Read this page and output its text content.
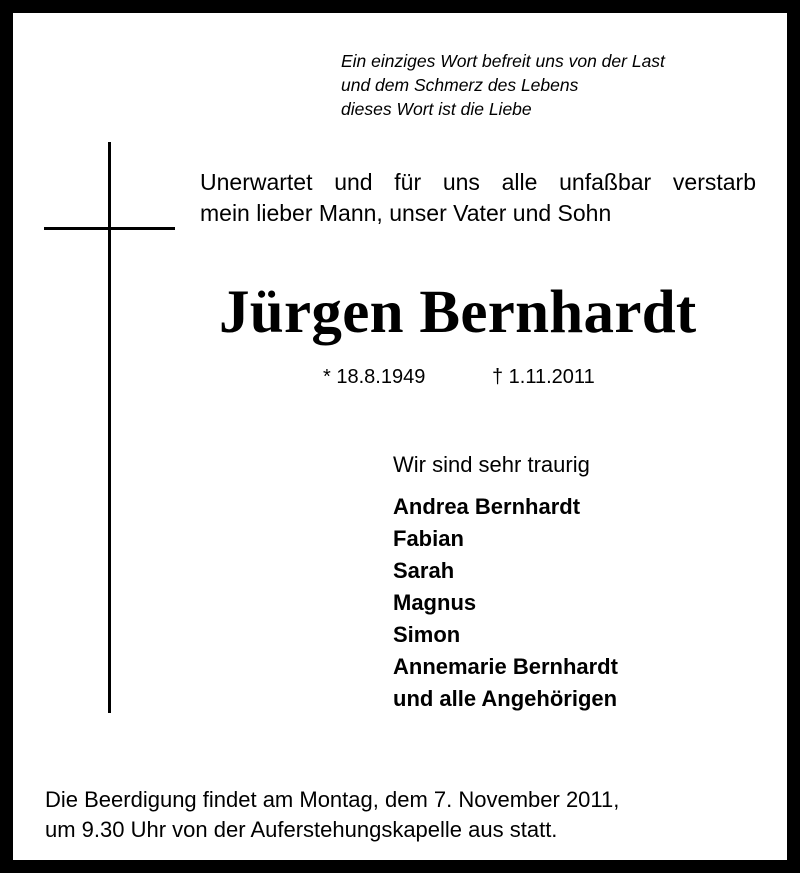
Ein einziges Wort befreit uns von der Last
und dem Schmerz des Lebens
dieses Wort ist die Liebe
Unerwartet und für uns alle unfaßbar verstarb
mein lieber Mann, unser Vater und Sohn
Jürgen Bernhardt
* 18.8.1949	† 1.11.2011
Wir sind sehr traurig
Andrea Bernhardt
Fabian
Sarah
Magnus
Simon
Annemarie Bernhardt
und alle Angehörigen
Die Beerdigung findet am Montag, dem 7. November 2011,
um 9.30 Uhr von der Auferstehungskapelle aus statt.
